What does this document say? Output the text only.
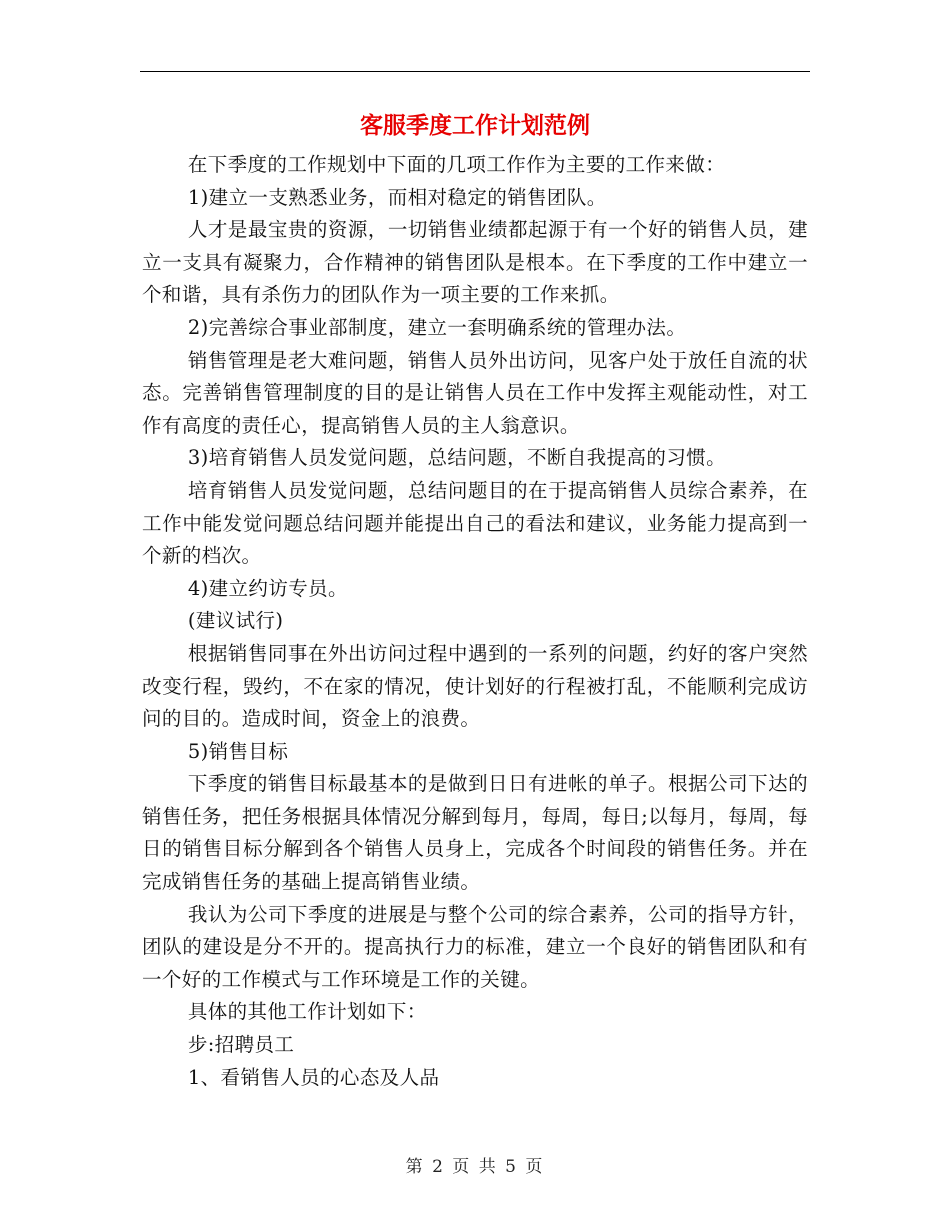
客服季度工作计划范例

在下季度的工作规划中下面的几项工作作为主要的工作来做：

1)建立一支熟悉业务，而相对稳定的销售团队。

人才是最宝贵的资源，一切销售业绩都起源于有一个好的销售人员，建立一支具有凝聚力，合作精神的销售团队是根本。在下季度的工作中建立一个和谐，具有杀伤力的团队作为一项主要的工作来抓。

2)完善综合事业部制度，建立一套明确系统的管理办法。

销售管理是老大难问题，销售人员外出访问，见客户处于放任自流的状态。完善销售管理制度的目的是让销售人员在工作中发挥主观能动性，对工作有高度的责任心，提高销售人员的主人翁意识。

3)培育销售人员发觉问题，总结问题，不断自我提高的习惯。

培育销售人员发觉问题，总结问题目的在于提高销售人员综合素养，在工作中能发觉问题总结问题并能提出自己的看法和建议，业务能力提高到一个新的档次。

4)建立约访专员。

(建议试行)

根据销售同事在外出访问过程中遇到的一系列的问题，约好的客户突然改变行程，毁约，不在家的情况，使计划好的行程被打乱，不能顺利完成访问的目的。造成时间，资金上的浪费。

5)销售目标

下季度的销售目标最基本的是做到日日有进帐的单子。根据公司下达的销售任务，把任务根据具体情况分解到每月，每周，每日;以每月，每周，每日的销售目标分解到各个销售人员身上，完成各个时间段的销售任务。并在完成销售任务的基础上提高销售业绩。

我认为公司下季度的进展是与整个公司的综合素养，公司的指导方针，团队的建设是分不开的。提高执行力的标准，建立一个良好的销售团队和有一个好的工作模式与工作环境是工作的关键。

具体的其他工作计划如下：

步:招聘员工

1、看销售人员的心态及人品

第 2 页 共 5 页
